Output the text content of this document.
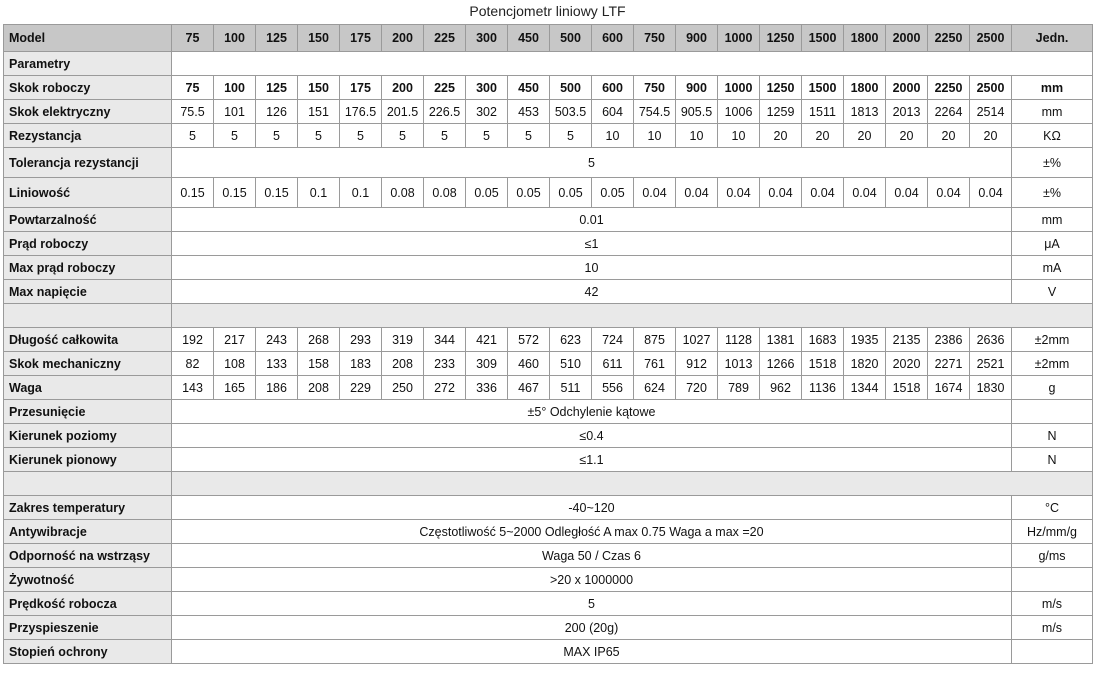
Potencjometr liniowy LTF
Model	75	100	125	150	175	200	225	300	450	500	600	750	900	1000	1250	1500	1800	2000	2250	2500	Jedn.
Parametry																					
Skok roboczy	75	100	125	150	175	200	225	300	450	500	600	750	900	1000	1250	1500	1800	2000	2250	2500	mm
Skok elektryczny	75.5	101	126	151	176.5	201.5	226.5	302	453	503.5	604	754.5	905.5	1006	1259	1511	1813	2013	2264	2514	mm
Rezystancja	5	5	5	5	5	5	5	5	5	5	10	10	10	10	20	20	20	20	20	20	KΩ
Tolerancja rezystancji	5																				±%
Liniowość	0.15	0.15	0.15	0.1	0.1	0.08	0.08	0.05	0.05	0.05	0.05	0.04	0.04	0.04	0.04	0.04	0.04	0.04	0.04	0.04	±%
Powtarzalność	0.01																				mm
Prąd roboczy	≤1																				μA
Max prąd roboczy	10																				mA
Max napięcie	42																				V

Długość całkowita	192	217	243	268	293	319	344	421	572	623	724	875	1027	1128	1381	1683	1935	2135	2386	2636	±2mm
Skok mechaniczny	82	108	133	158	183	208	233	309	460	510	611	761	912	1013	1266	1518	1820	2020	2271	2521	±2mm
Waga	143	165	186	208	229	250	272	336	467	511	556	624	720	789	962	1136	1344	1518	1674	1830	g
Przesunięcie	±5° Odchylenie kątowe																				
Kierunek poziomy	≤0.4																				N
Kierunek pionowy	≤1.1																				N

Zakres temperatury	-40~120																				°C
Antywibracje	Częstotliwość 5~2000 Odległość A max 0.75 Waga a max =20																				Hz/mm/g
Odporność na wstrząsy	Waga 50 / Czas 6																				g/ms
Żywotność	>20 x 1000000																				
Prędkość robocza	5																				m/s
Przyspieszenie	200 (20g)																				m/s
Stopień ochrony	MAX IP65																				
